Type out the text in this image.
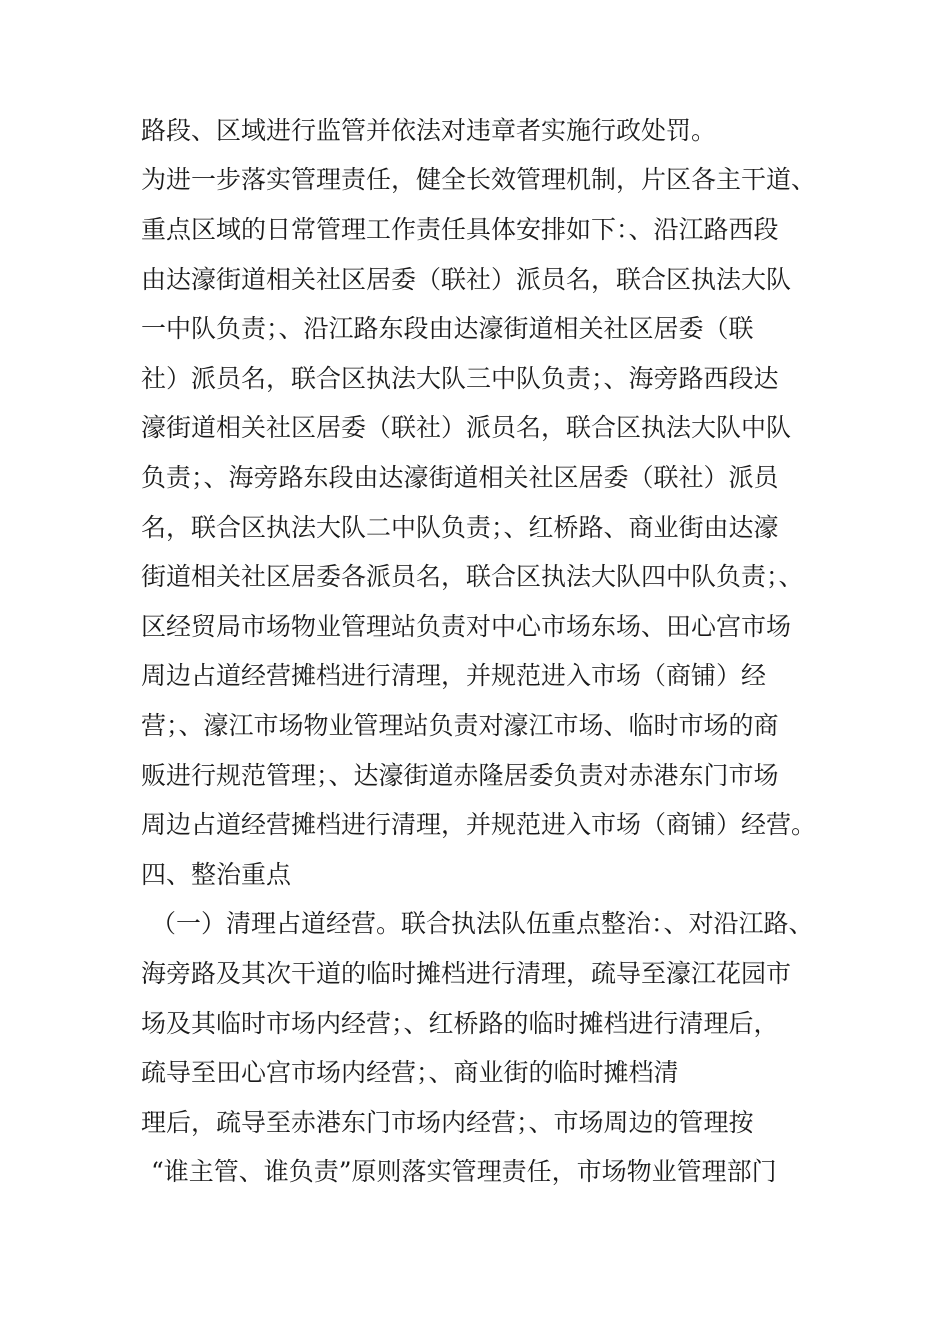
路段、区域进行监管并依法对违章者实施行政处罚。
为进一步落实管理责任，健全长效管理机制，片区各主干道、
重点区域的日常管理工作责任具体安排如下：、沿江路西段
由达濠街道相关社区居委（联社）派员名，联合区执法大队
一中队负责；、沿江路东段由达濠街道相关社区居委（联
社）派员名，联合区执法大队三中队负责；、海旁路西段达
濠街道相关社区居委（联社）派员名，联合区执法大队中队
负责；、海旁路东段由达濠街道相关社区居委（联社）派员
名，联合区执法大队二中队负责；、红桥路、商业街由达濠
街道相关社区居委各派员名，联合区执法大队四中队负责；、
区经贸局市场物业管理站负责对中心市场东场、田心宫市场
周边占道经营摊档进行清理，并规范进入市场（商铺）经
营；、濠江市场物业管理站负责对濠江市场、临时市场的商
贩进行规范管理；、达濠街道赤隆居委负责对赤港东门市场
周边占道经营摊档进行清理，并规范进入市场（商铺）经营。
四、整治重点
（一）清理占道经营。联合执法队伍重点整治：、对沿江路、
海旁路及其次干道的临时摊档进行清理，疏导至濠江花园市
场及其临时市场内经营；、红桥路的临时摊档进行清理后，
疏导至田心宫市场内经营；、商业街的临时摊档清
理后，疏导至赤港东门市场内经营；、市场周边的管理按
“谁主管、谁负责”原则落实管理责任，市场物业管理部门
